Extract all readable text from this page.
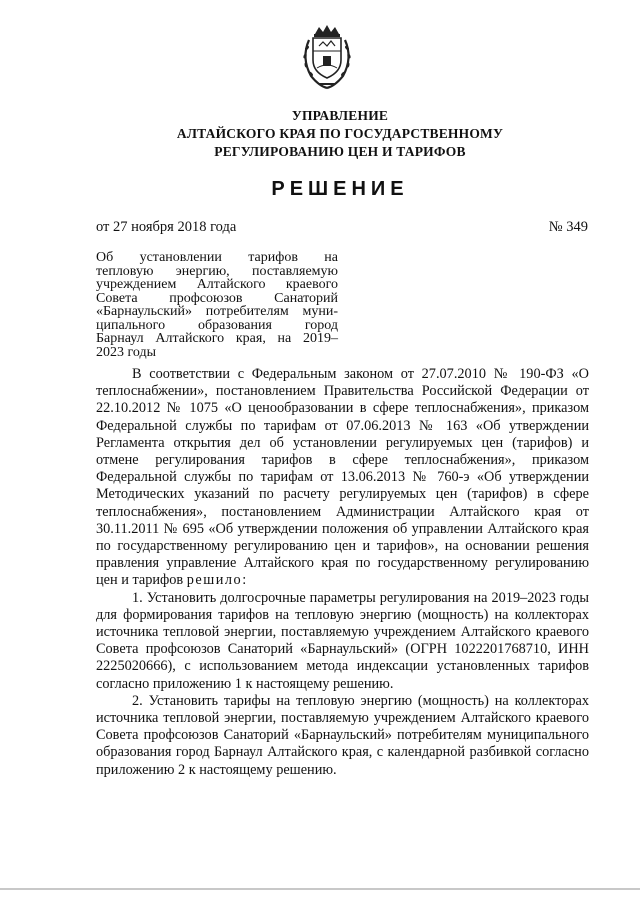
УПРАВЛЕНИЕ
АЛТАЙСКОГО КРАЯ ПО ГОСУДАРСТВЕННОМУ
РЕГУЛИРОВАНИЮ ЦЕН И ТАРИФОВ
РЕШЕНИЕ
от 27 ноября 2018 года	№ 349
Об установлении тарифов на
тепловую энергию, поставляемую
учреждением Алтайского краевого
Совета профсоюзов Санаторий
«Барнаульский» потребителям муни-
ципального образования город
Барнаул Алтайского края, на 2019–
2023 годы

В соответствии с Федеральным законом от 27.07.2010 № 190-ФЗ «О теплоснабжении», постановлением Правительства Российской Федерации от 22.10.2012 № 1075 «О ценообразовании в сфере теплоснабжения», приказом Федеральной службы по тарифам от 07.06.2013 № 163 «Об утверждении Регламента открытия дел об установлении регулируемых цен (тарифов) и отмене регулирования тарифов в сфере теплоснабжения», приказом Федеральной службы по тарифам от 13.06.2013 № 760-э «Об утверждении Методических указаний по расчету регулируемых цен (тарифов) в сфере теплоснабжения», постановлением Администрации Алтайского края от 30.11.2011 № 695 «Об утверждении положения об управлении Алтайского края по государственному регулированию цен и тарифов», на основании решения правления управление Алтайского края по государственному регулированию цен и тарифов решило:

1. Установить долгосрочные параметры регулирования на 2019–2023 годы для формирования тарифов на тепловую энергию (мощность) на коллекторах источника тепловой энергии, поставляемую учреждением Алтайского краевого Совета профсоюзов Санаторий «Барнаульский» (ОГРН 1022201768710, ИНН 2225020666), с использованием метода индексации установленных тарифов согласно приложению 1 к настоящему решению.

2. Установить тарифы на тепловую энергию (мощность) на коллекторах источника тепловой энергии, поставляемую учреждением Алтайского краевого Совета профсоюзов Санаторий «Барнаульский» потребителям муниципального образования город Барнаул Алтайского края, с календарной разбивкой согласно приложению 2 к настоящему решению.
